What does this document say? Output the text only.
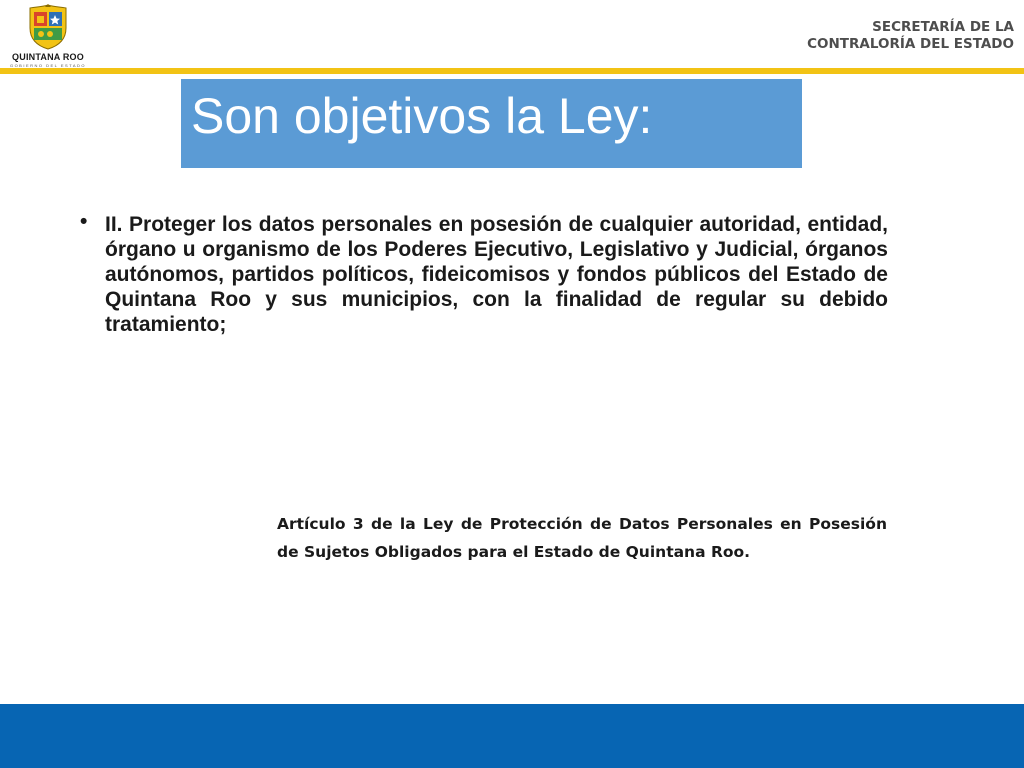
QUINTANA ROO
GOBIERNO DEL ESTADO
SECRETARÍA DE LA
CONTRALORÍA DEL ESTADO
Son objetivos la Ley:
• II. Proteger los datos personales en posesión de cualquier autoridad, entidad, órgano u organismo de los Poderes Ejecutivo, Legislativo y Judicial, órganos autónomos, partidos políticos, fideicomisos y fondos públicos del Estado de Quintana Roo y sus municipios, con la finalidad de regular su debido tratamiento;
Artículo 3 de la Ley de Protección de Datos Personales en Posesión de Sujetos Obligados para el Estado de Quintana Roo.
